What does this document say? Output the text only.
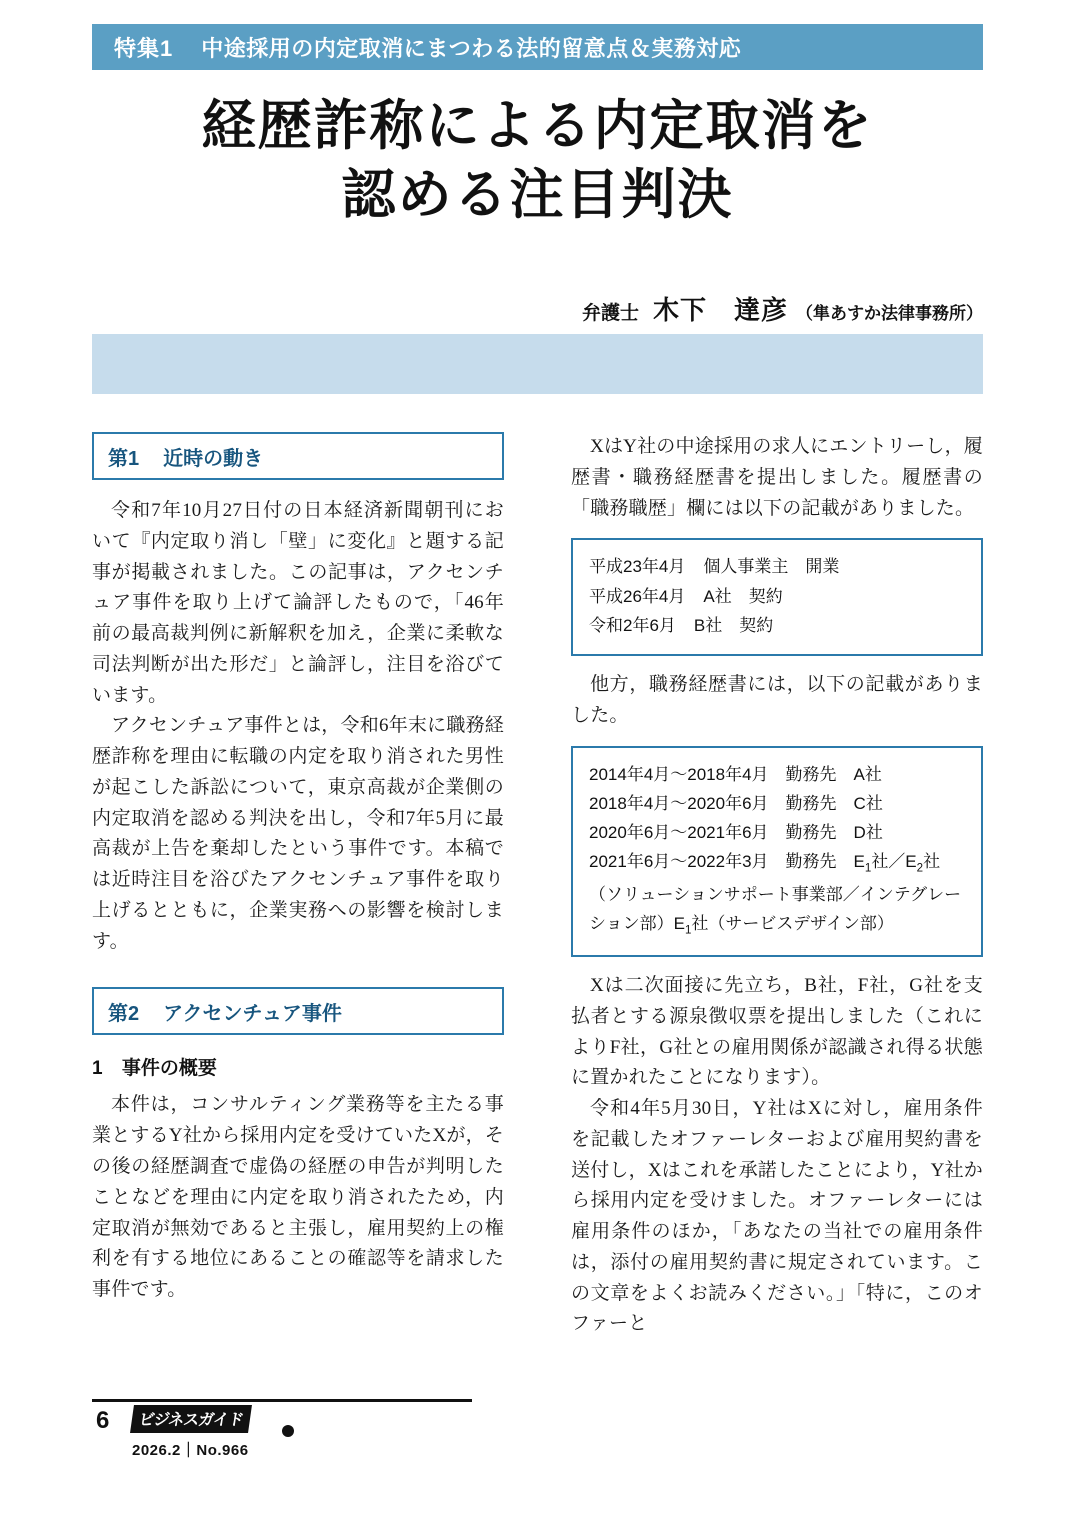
特集1 中途採用の内定取消にまつわる法的留意点＆実務対応
経歴詐称による内定取消を
認める注目判決
弁護士 木下　達彦 （隼あすか法律事務所）
第1 近時の動き

令和7年10月27日付の日本経済新聞朝刊において『内定取り消し「壁」に変化』と題する記事が掲載されました。この記事は，アクセンチュア事件を取り上げて論評したもので，「46年前の最高裁判例に新解釈を加え，企業に柔軟な司法判断が出た形だ」と論評し，注目を浴びています。

アクセンチュア事件とは，令和6年末に職務経歴詐称を理由に転職の内定を取り消された男性が起こした訴訟について，東京高裁が企業側の内定取消を認める判決を出し，令和7年5月に最高裁が上告を棄却したという事件です。本稿では近時注目を浴びたアクセンチュア事件を取り上げるとともに，企業実務への影響を検討します。

第2 アクセンチュア事件
1 事件の概要

本件は，コンサルティング業務等を主たる事業とするY社から採用内定を受けていたXが，その後の経歴調査で虚偽の経歴の申告が判明したことなどを理由に内定を取り消されたため，内定取消が無効であると主張し，雇用契約上の権利を有する地位にあることの確認等を請求した事件です。

XはY社の中途採用の求人にエントリーし，履歴書・職務経歴書を提出しました。履歴書の「職務職歴」欄には以下の記載がありました。

平成23年4月 個人事業主　開業
平成26年4月 A社　契約
令和2年6月 B社　契約

他方，職務経歴書には，以下の記載がありました。

2014年4月〜2018年4月　勤務先　A社
2018年4月〜2020年6月　勤務先　C社
2020年6月〜2021年6月　勤務先　D社
2021年6月〜2022年3月　勤務先　$E_1$社$/E_2$社
（ソリューションサポート事業部／インテグレーション部）$E_1$社（サービスデザイン部）

Xは二次面接に先立ち，B社，F社，G社を支払者とする源泉徴収票を提出しました（これによりF社，G社との雇用関係が認識され得る状態に置かれたことになります）。

令和4年5月30日，Y社はXに対し，雇用条件を記載したオファーレターおよび雇用契約書を送付し，Xはこれを承諾したことにより，Y社から採用内定を受けました。オファーレターには雇用条件のほか，「あなたの当社での雇用条件は，添付の雇用契約書に規定されています。この文章をよくお読みください。」「特に，このオファーと

6	ビジネスガイド
2026.2｜No.966
